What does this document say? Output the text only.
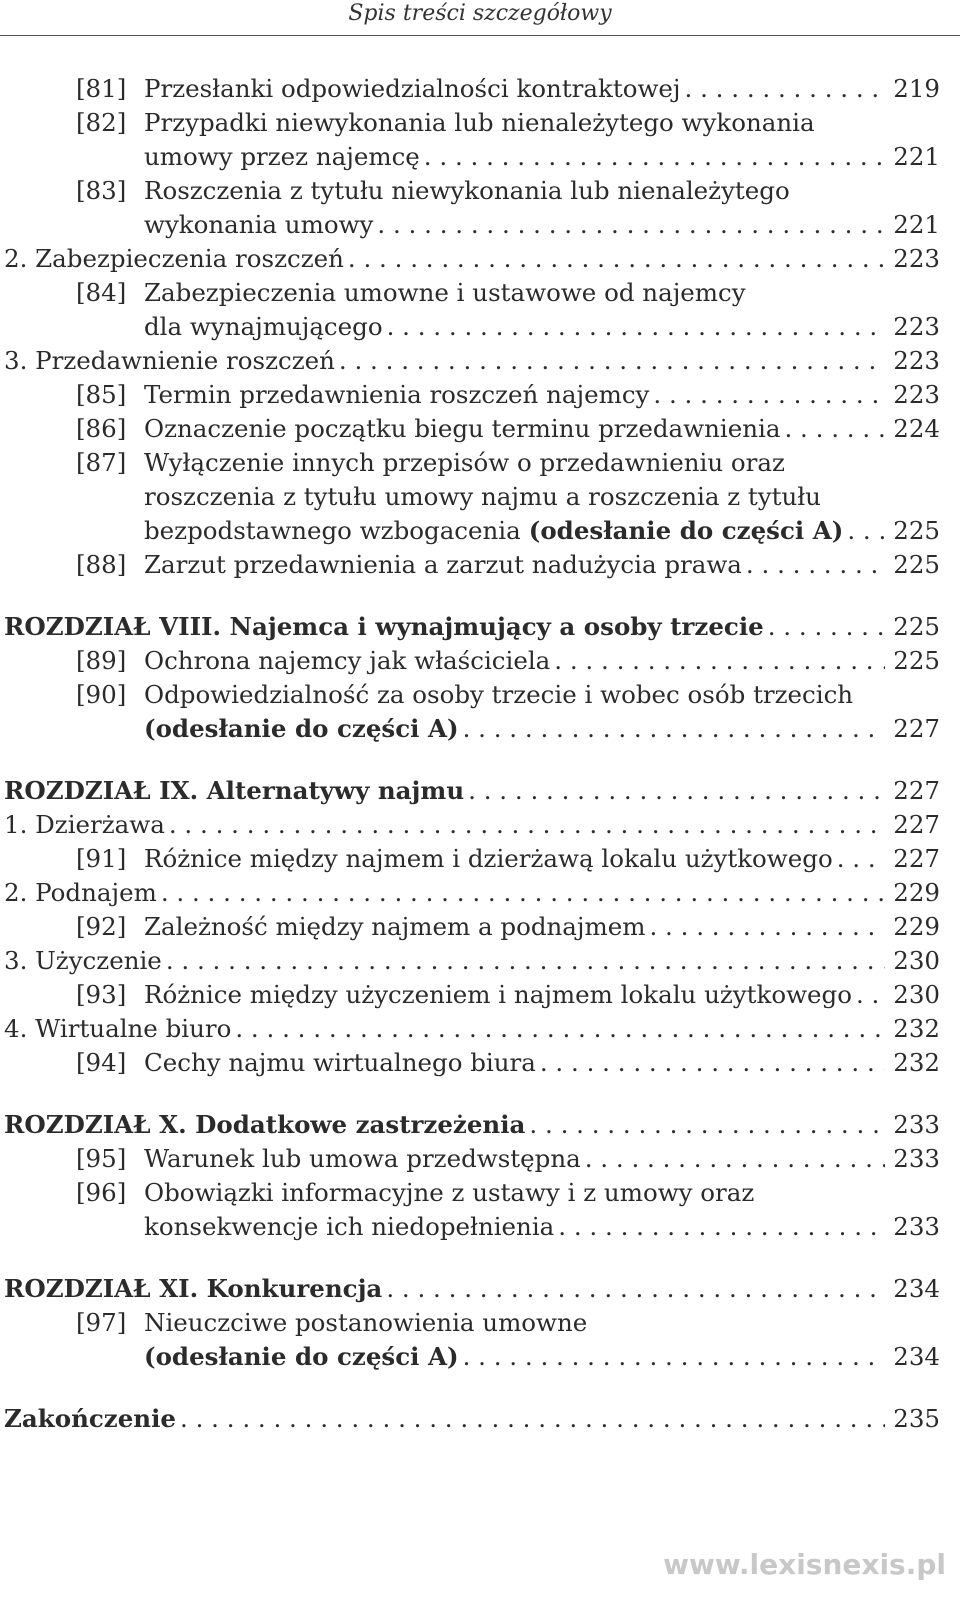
Spis treści szczegółowy
[81] Przesłanki odpowiedzialności kontraktowej . . .	219
[82] Przypadki niewykonania lub nienależytego wykonania
umowy przez najemcę . . .	221
[83] Roszczenia z tytułu niewykonania lub nienależytego
wykonania umowy . . .	221
2. Zabezpieczenia roszczeń . . .	223
[84] Zabezpieczenia umowne i ustawowe od najemcy
dla wynajmującego . . .	223
3. Przedawnienie roszczeń . . .	223
[85] Termin przedawnienia roszczeń najemcy . . .	223
[86] Oznaczenie początku biegu terminu przedawnienia . . .	224
[87] Wyłączenie innych przepisów o przedawnieniu oraz
roszczenia z tytułu umowy najmu a roszczenia z tytułu
bezpodstawnego wzbogacenia (odesłanie do części A) . . .	225
[88] Zarzut przedawnienia a zarzut nadużycia prawa . . .	225
ROZDZIAŁ VIII. Najemca i wynajmujący a osoby trzecie . . .	225
[89] Ochrona najemcy jak właściciela . . .	225
[90] Odpowiedzialność za osoby trzecie i wobec osób trzecich
(odesłanie do części A) . . .	227
ROZDZIAŁ IX. Alternatywy najmu . . .	227
1. Dzierżawa . . .	227
[91] Różnice między najmem i dzierżawą lokalu użytkowego . . .	227
2. Podnajem . . .	229
[92] Zależność między najmem a podnajmem . . .	229
3. Użyczenie . . .	230
[93] Różnice między użyczeniem i najmem lokalu użytkowego . . .	230
4. Wirtualne biuro . . .	232
[94] Cechy najmu wirtualnego biura . . .	232
ROZDZIAŁ X. Dodatkowe zastrzeżenia . . .	233
[95] Warunek lub umowa przedwstępna . . .	233
[96] Obowiązki informacyjne z ustawy i z umowy oraz
konsekwencje ich niedopełnienia . . .	233
ROZDZIAŁ XI. Konkurencja . . .	234
[97] Nieuczciwe postanowienia umowne
(odesłanie do części A) . . .	234
Zakończenie . . .	235
www.lexisnexis.pl
